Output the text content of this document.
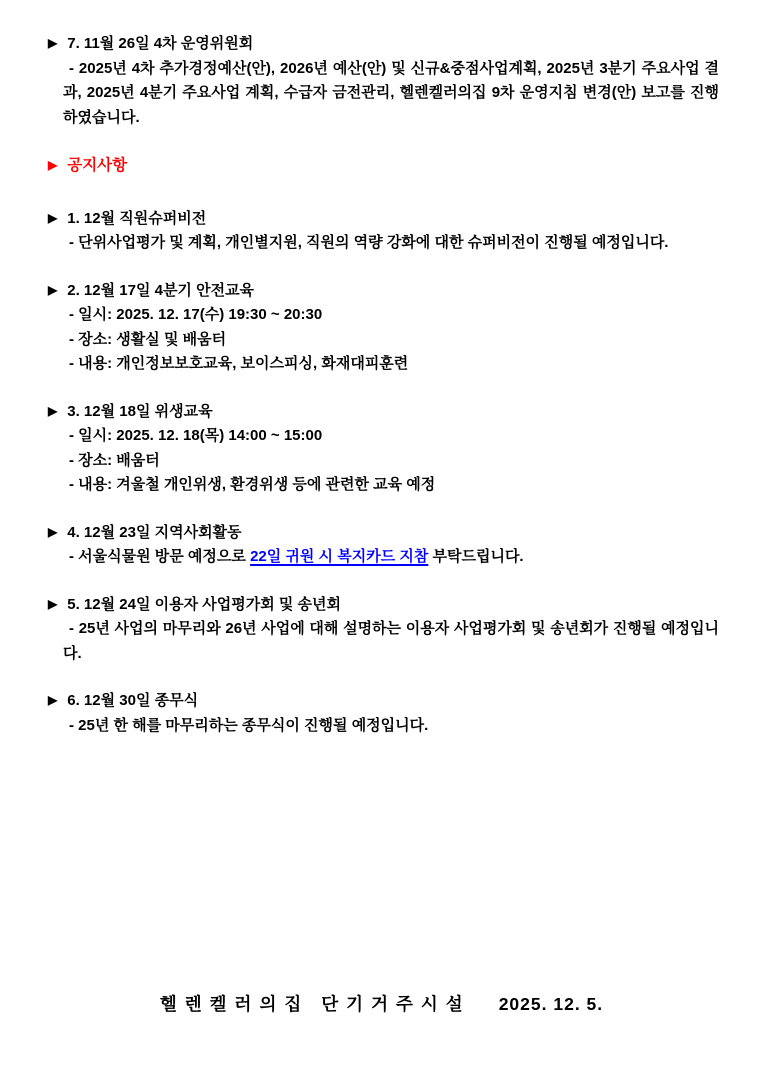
▶ 7. 11월 26일 4차 운영위원회

- 2025년 4차 추가경정예산(안), 2026년 예산(안) 및 신규&중점사업계획, 2025년 3분기 주요사업 결과, 2025년 4분기 주요사업 계획, 수급자 금전관리, 헬렌켈러의집 9차 운영지침 변경(안) 보고를 진행하였습니다.

▶ 공지사항
▶ 1. 12월 직원슈퍼비전

- 단위사업평가 및 계획, 개인별지원, 직원의 역량 강화에 대한 슈퍼비전이 진행될 예정입니다.

▶ 2. 12월 17일 4분기 안전교육

- 일시: 2025. 12. 17(수) 19:30 ~ 20:30

- 장소: 생활실 및 배움터

- 내용: 개인정보보호교육, 보이스피싱, 화재대피훈련

▶ 3. 12월 18일 위생교육

- 일시: 2025. 12. 18(목) 14:00 ~ 15:00

- 장소: 배움터

- 내용: 겨울철 개인위생, 환경위생 등에 관련한 교육 예정

▶ 4. 12월 23일 지역사회활동

- 서울식물원 방문 예정으로 22일 귀원 시 복지카드 지참 부탁드립니다.

▶ 5. 12월 24일 이용자 사업평가회 및 송년회

- 25년 사업의 마무리와 26년 사업에 대해 설명하는 이용자 사업평가회 및 송년회가 진행될 예정입니다.

▶ 6. 12월 30일 종무식

- 25년 한 해를 마무리하는 종무식이 진행될 예정입니다.

헬렌켈러의집 단기거주시설 2025. 12. 5.
